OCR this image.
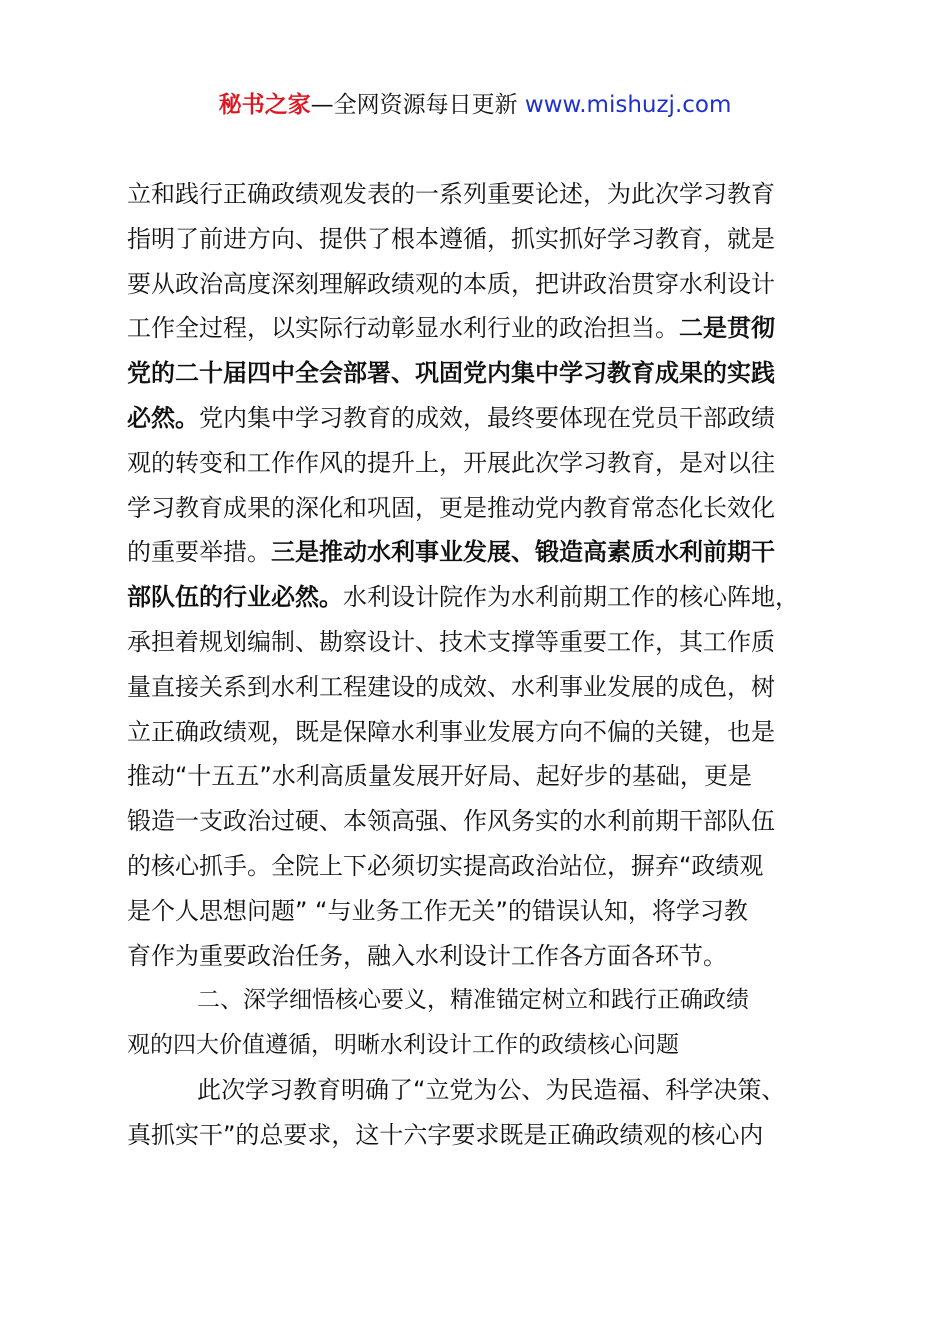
秘书之家—全网资源每日更新 www.mishuzj.com
立和践行正确政绩观发表的一系列重要论述，为此次学习教育
指明了前进方向、提供了根本遵循，抓实抓好学习教育，就是
要从政治高度深刻理解政绩观的本质，把讲政治贯穿水利设计
工作全过程，以实际行动彰显水利行业的政治担当。二是贯彻
党的二十届四中全会部署、巩固党内集中学习教育成果的实践
必然。党内集中学习教育的成效，最终要体现在党员干部政绩
观的转变和工作作风的提升上，开展此次学习教育，是对以往
学习教育成果的深化和巩固，更是推动党内教育常态化长效化
的重要举措。三是推动水利事业发展、锻造高素质水利前期干
部队伍的行业必然。水利设计院作为水利前期工作的核心阵地，
承担着规划编制、勘察设计、技术支撑等重要工作，其工作质
量直接关系到水利工程建设的成效、水利事业发展的成色，树
立正确政绩观，既是保障水利事业发展方向不偏的关键，也是
推动“十五五”水利高质量发展开好局、起好步的基础，更是
锻造一支政治过硬、本领高强、作风务实的水利前期干部队伍
的核心抓手。全院上下必须切实提高政治站位，摒弃“政绩观
是个人思想问题” “与业务工作无关”的错误认知，将学习教
育作为重要政治任务，融入水利设计工作各方面各环节。
二、深学细悟核心要义，精准锚定树立和践行正确政绩
观的四大价值遵循，明晰水利设计工作的政绩核心问题
此次学习教育明确了“立党为公、为民造福、科学决策、
真抓实干”的总要求，这十六字要求既是正确政绩观的核心内
